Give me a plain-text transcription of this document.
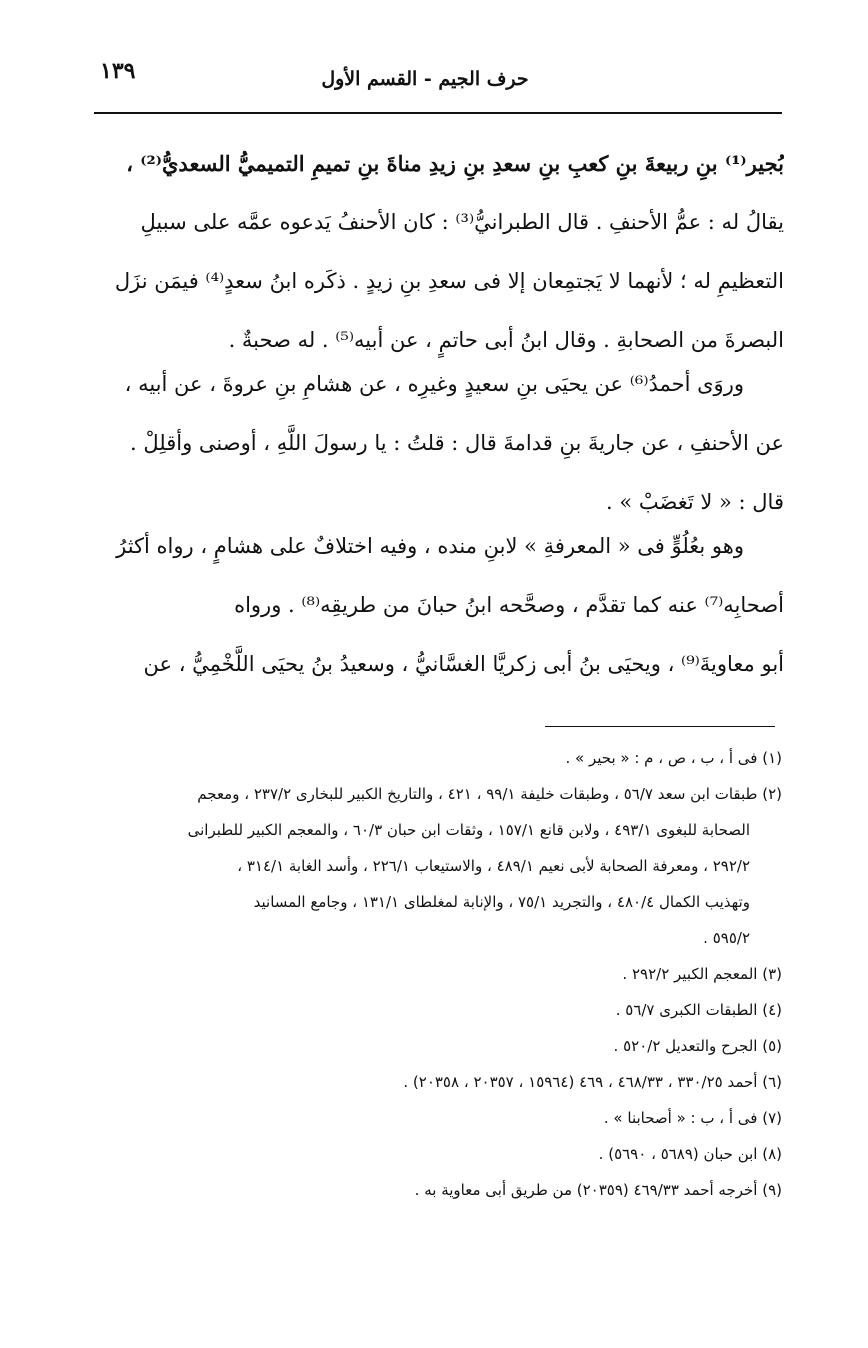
حرف الجيم - القسم الأول
١٣٩
بُجير⁽¹⁾ بنِ ربيعةَ بنِ كعبِ بنِ سعدِ بنِ زيدِ مناةَ بنِ تميمِ التميميُّ السعديُّ⁽²⁾ ،
يقالُ له : عمُّ الأحنفِ . قال الطبرانيُّ⁽³⁾ : كان الأحنفُ يَدعوه عمَّه على سبيلِ
التعظيمِ له ؛ لأنهما لا يَجتمِعان إلا فى سعدِ بنِ زيدٍ . ذكَره ابنُ سعدٍ⁽⁴⁾ فيمَن نزَل
البصرةَ من الصحابةِ . وقال ابنُ أبى حاتمٍ ، عن أبيه⁽⁵⁾ . له صحبةٌ .
وروَى أحمدُ⁽⁶⁾ عن يحيَى بنِ سعيدٍ وغيرِه ، عن هشامِ بنِ عروةَ ، عن أبيه ،
عن الأحنفِ ، عن جاريةَ بنِ قدامةَ قال : قلتُ : يا رسولَ اللَّهِ ، أوصنى وأقلِلْ .
قال : « لا تَغضَبْ » .
وهو بعُلُوٍّ فى « المعرفةِ » لابنِ منده ، وفيه اختلافٌ على هشامٍ ، رواه أكثرُ
أصحابِه⁽⁷⁾ عنه كما تقدَّم ، وصحَّحه ابنُ حبانَ من طريقِه⁽⁸⁾ . ورواه
أبو معاويةَ⁽⁹⁾ ، ويحيَى بنُ أبى زكريَّا الغسَّانيُّ ، وسعيدُ بنُ يحيَى اللَّخْمِيُّ ، عن
(١) فى أ ، ب ، ص ، م : « بحير » .
(٢) طبقات ابن سعد ٥٦/٧ ، وطبقات خليفة ٩٩/١ ، ٤٢١ ، والتاريخ الكبير للبخارى ٢٣٧/٢ ، ومعجم
الصحابة للبغوى ٤٩٣/١ ، ولابن قانع ١٥٧/١ ، وثقات ابن حبان ٦٠/٣ ، والمعجم الكبير للطبرانى
٢٩٢/٢ ، ومعرفة الصحابة لأبى نعيم ٤٨٩/١ ، والاستيعاب ٢٢٦/١ ، وأسد الغابة ٣١٤/١ ،
وتهذيب الكمال ٤٨٠/٤ ، والتجريد ٧٥/١ ، والإنابة لمغلطاى ١٣١/١ ، وجامع المسانيد
٥٩٥/٢ .
(٣) المعجم الكبير ٢٩٢/٢ .
(٤) الطبقات الكبرى ٥٦/٧ .
(٥) الجرح والتعديل ٥٢٠/٢ .
(٦) أحمد ٣٣٠/٢٥ ، ٤٦٨/٣٣ ، ٤٦٩ (١٥٩٦٤ ، ٢٠٣٥٧ ، ٢٠٣٥٨) .
(٧) فى أ ، ب : « أصحابنا » .
(٨) ابن حبان (٥٦٨٩ ، ٥٦٩٠) .
(٩) أخرجه أحمد ٤٦٩/٣٣ (٢٠٣٥٩) من طريق أبى معاوية به .
